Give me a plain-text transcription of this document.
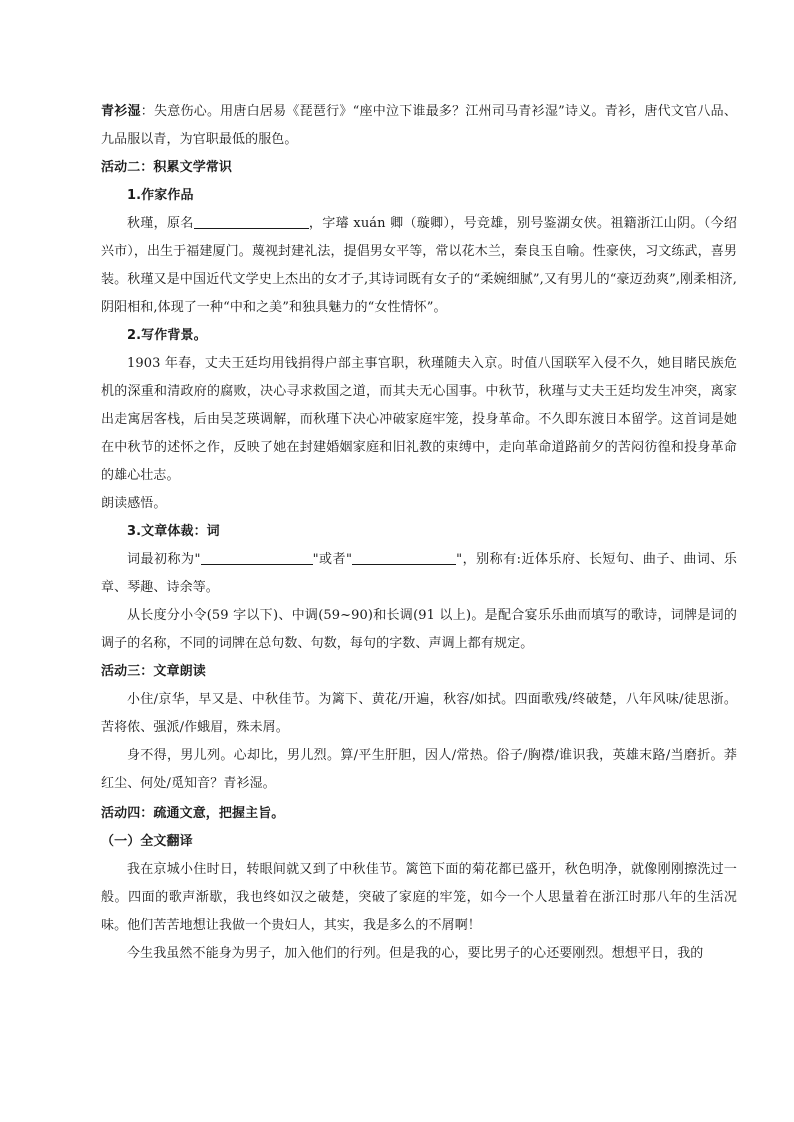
青衫湿：失意伤心。用唐白居易《琵琶行》“座中泣下谁最多？江州司马青衫湿”诗义。青衫，唐代文官八品、九品服以青，为官职最低的服色。

活动二：积累文学常识

1.作家作品

秋瑾，原名	，字璿 xuán 卿（璇卿），号竞雄，别号鉴湖女侠。祖籍浙江山阴。（今绍兴市），出生于福建厦门。蔑视封建礼法，提倡男女平等，常以花木兰，秦良玉自喻。性豪侠，习文练武，喜男装。秋瑾又是中国近代文学史上杰出的女才子,其诗词既有女子的“柔婉细腻”,又有男儿的“豪迈劲爽”,刚柔相济,阴阳相和,体现了一种“中和之美”和独具魅力的“女性情怀”。

2.写作背景。

1903 年春，丈夫王廷均用钱捐得户部主事官职，秋瑾随夫入京。时值八国联军入侵不久，她目睹民族危机的深重和清政府的腐败，决心寻求救国之道，而其夫无心国事。中秋节，秋瑾与丈夫王廷均发生冲突，离家出走寓居客栈，后由吴芝瑛调解，而秋瑾下决心冲破家庭牢笼，投身革命。不久即东渡日本留学。这首词是她在中秋节的述怀之作，反映了她在封建婚姻家庭和旧礼教的束缚中，走向革命道路前夕的苦闷彷徨和投身革命的雄心壮志。

朗读感悟。

3.文章体裁：词

词最初称为"	"或者"	"，别称有:近体乐府、长短句、曲子、曲词、乐章、琴趣、诗余等。

从长度分小令(59 字以下)、中调(59~90)和长调(91 以上)。是配合宴乐乐曲而填写的歌诗，词牌是词的调子的名称，不同的词牌在总句数、句数，每句的字数、声调上都有规定。

活动三：文章朗读

小住/京华，早又是、中秋佳节。为篱下、黄花/开遍，秋容/如拭。四面歌残/终破楚，八年风味/徒思浙。苦将侬、强派/作蛾眉，殊未屑。

身不得，男儿列。心却比，男儿烈。算/平生肝胆，因人/常热。俗子/胸襟/谁识我，英雄末路/当磨折。莽红尘、何处/觅知音？青衫湿。

活动四：疏通文意，把握主旨。

（一）全文翻译

我在京城小住时日，转眼间就又到了中秋佳节。篱笆下面的菊花都已盛开，秋色明净，就像刚刚擦洗过一般。四面的歌声渐歇，我也终如汉之破楚，突破了家庭的牢笼，如今一个人思量着在浙江时那八年的生活况味。他们苦苦地想让我做一个贵妇人，其实，我是多么的不屑啊！

今生我虽然不能身为男子，加入他们的行列。但是我的心，要比男子的心还要刚烈。想想平日，我的
